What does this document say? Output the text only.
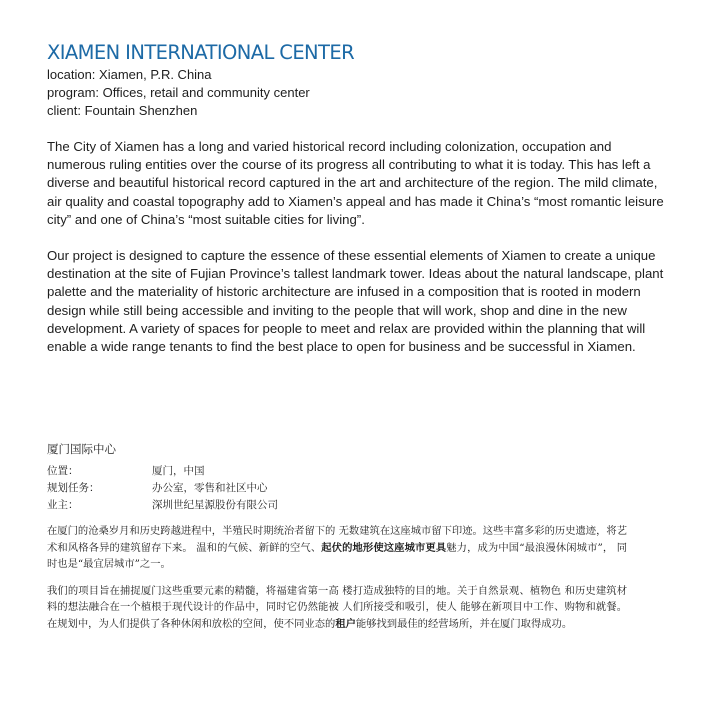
XIAMEN INTERNATIONAL CENTER
location: Xiamen, P.R. China
program: Offices, retail and community center
client: Fountain Shenzhen

The City of Xiamen has a long and varied historical record including colonization, occupation and numerous ruling entities over the course of its progress all contributing to what it is today. This has left a diverse and beautiful historical record captured in the art and architecture of the region. The mild climate, air quality and coastal topography add to Xiamen’s appeal and has made it China’s “most romantic leisure city” and one of China’s “most suitable cities for living”.

Our project is designed to capture the essence of these essential elements of Xiamen to create a unique destination at the site of Fujian Province’s tallest landmark tower. Ideas about the natural landscape, plant palette and the materiality of historic architecture are infused in a composition that is rooted in modern design while still being accessible and inviting to the people that will work, shop and dine in the new development. A variety of spaces for people to meet and relax are provided within the planning that will enable a wide range tenants to find the best place to open for business and be successful in Xiamen.

厦门国际中心
位置：	厦门，中国
规划任务：	办公室，零售和社区中心
业主：	深圳世纪星源股份有限公司

在厦门的沧桑岁月和历史跨越进程中，半殖民时期统治者留下的 无数建筑在这座城市留下印迹。这些丰富多彩的历史遗迹，将艺 术和风格各异的建筑留存下来。 温和的气候、新鲜的空气、起伏的地形使这座城市更具魅力，成为中国“最浪漫休闲城市”， 同时也是“最宜居城市”之一。

我们的项目旨在捕捉厦门这些重要元素的精髓，将福建省第一高 楼打造成独特的目的地。关于自然景观、植物色 和历史建筑材 料的想法融合在一个植根于现代设计的作品中，同时它仍然能被 人们所接受和吸引，使人 能够在新项目中工作、购物和就餐。 在规划中，为人们提供了各种休闲和放松的空间，使不同业态的租户能够找到最佳的经营场所，并在厦门取得成功。
